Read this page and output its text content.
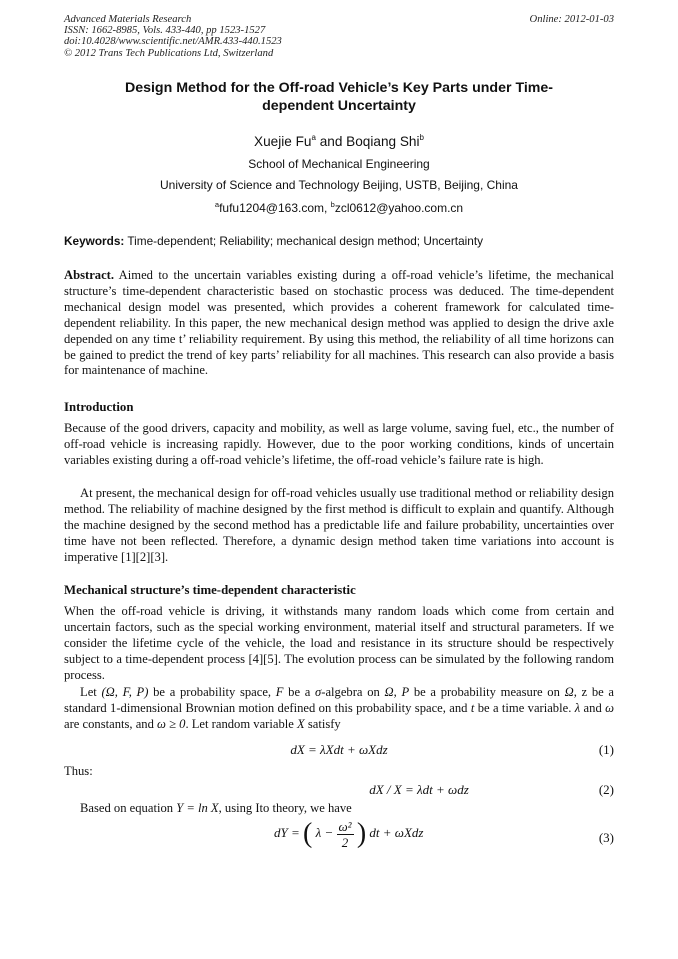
Advanced Materials Research
ISSN: 1662-8985, Vols. 433-440, pp 1523-1527
doi:10.4028/www.scientific.net/AMR.433-440.1523
© 2012 Trans Tech Publications Ltd, Switzerland
Online: 2012-01-03
Design Method for the Off-road Vehicle’s Key Parts under Time-dependent Uncertainty
Xuejie Fu$^a$ and Boqiang Shi$^b$
School of Mechanical Engineering
University of Science and Technology Beijing, USTB, Beijing, China
$^a$fufu1204@163.com, $^b$zcl0612@yahoo.com.cn
Keywords: Time-dependent; Reliability; mechanical design method; Uncertainty
Abstract. Aimed to the uncertain variables existing during a off-road vehicle’s lifetime, the mechanical structure’s time-dependent characteristic based on stochastic process was deduced. The time-dependent mechanical design model was presented, which provides a coherent framework for calculated time-dependent reliability. In this paper, the new mechanical design method was applied to design the drive axle depended on any time t’ reliability requirement. By using this method, the reliability of all time horizons can be gained to predict the trend of key parts’ reliability for all machines. This research can also provide a basis for maintenance of machine.
Introduction
Because of the good drivers, capacity and mobility, as well as large volume, saving fuel, etc., the number of off-road vehicle is increasing rapidly. However, due to the poor working conditions, kinds of uncertain variables existing during a off-road vehicle’s lifetime, the off-road vehicle’s failure rate is high.
At present, the mechanical design for off-road vehicles usually use traditional method or reliability design method. The reliability of machine designed by the first method is difficult to explain and quantify. Although the machine designed by the second method has a predictable life and failure probability, uncertainties over time have not been reflected. Therefore, a dynamic design method taken time variations into account is imperative [1][2][3].
Mechanical structure’s time-dependent characteristic
When the off-road vehicle is driving, it withstands many random loads which come from certain and uncertain factors, such as the special working environment, material itself and structural parameters. If we consider the lifetime cycle of the vehicle, the load and resistance in its structure should be respectively subject to a time-dependent process [4][5]. The evolution process can be simulated by the following random process.
Let (Ω, F, P) be a probability space, F be a σ-algebra on Ω, P be a probability measure on Ω, z be a standard 1-dimensional Brownian motion defined on this probability space, and t be a time variable. λ and ω are constants, and ω ≥ 0. Let random variable X satisfy
dX = λXdt + ωXdz	(1)
Thus:
dX / X = λdt + ωdz	(2)
Based on equation Y = ln X, using Ito theory, we have
dY = ( $\lambda - \frac{\text{ω²}}{2}$ ) dt + ωXdz	(3)
